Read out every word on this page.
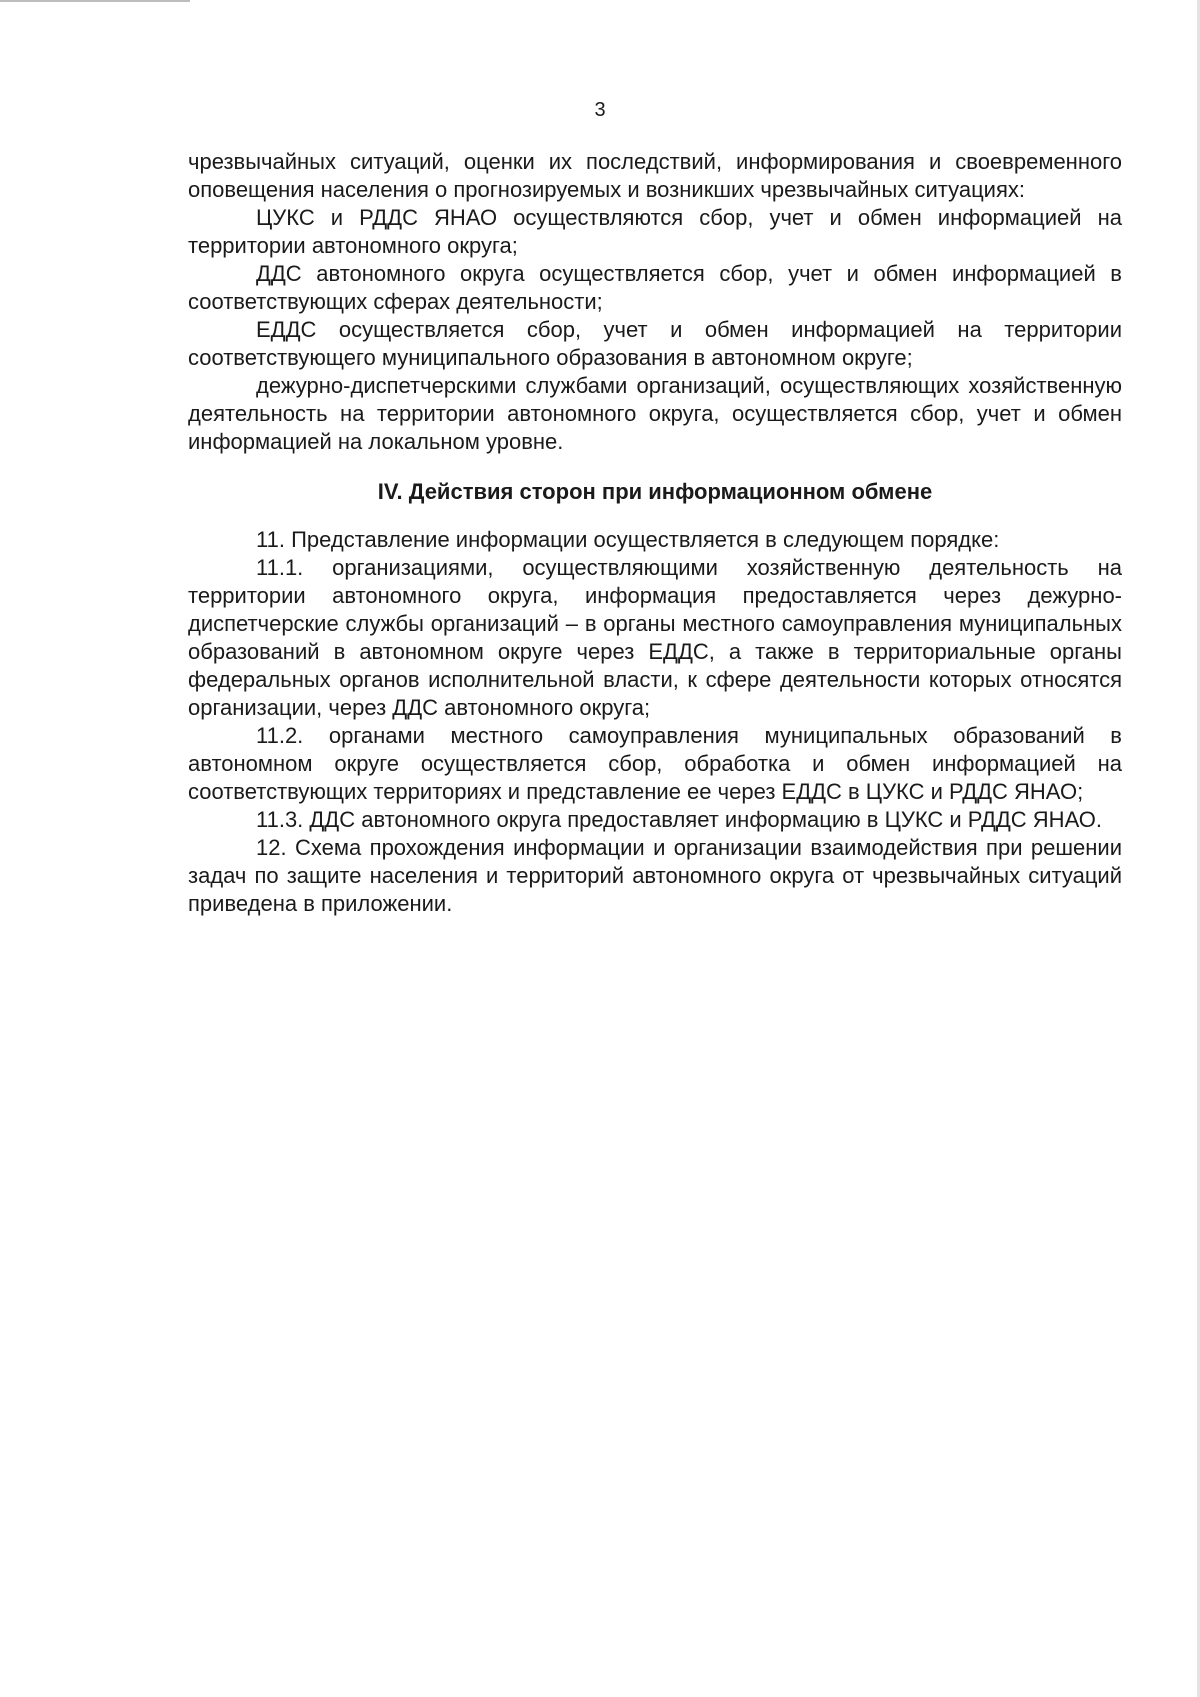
3

чрезвычайных ситуаций, оценки их последствий, информирования и своевременного оповещения населения о прогнозируемых и возникших чрезвычайных ситуациях:

ЦУКС и РДДС ЯНАО осуществляются сбор, учет и обмен информацией на территории автономного округа;

ДДС автономного округа осуществляется сбор, учет и обмен информацией в соответствующих сферах деятельности;

ЕДДС осуществляется сбор, учет и обмен информацией на территории соответствующего муниципального образования в автономном округе;

дежурно-диспетчерскими службами организаций, осуществляющих хозяйственную деятельность на территории автономного округа, осуществляется сбор, учет и обмен информацией на локальном уровне.

IV. Действия сторон при информационном обмене

11. Представление информации осуществляется в следующем порядке:

11.1. организациями, осуществляющими хозяйственную деятельность на территории автономного округа, информация предоставляется через дежурно-диспетчерские службы организаций – в органы местного самоуправления муниципальных образований в автономном округе через ЕДДС, а также в территориальные органы федеральных органов исполнительной власти, к сфере деятельности которых относятся организации, через ДДС автономного округа;

11.2. органами местного самоуправления муниципальных образований в автономном округе осуществляется сбор, обработка и обмен информацией на соответствующих территориях и представление ее через ЕДДС в ЦУКС и РДДС ЯНАО;

11.3. ДДС автономного округа предоставляет информацию в ЦУКС и РДДС ЯНАО.

12. Схема прохождения информации и организации взаимодействия при решении задач по защите населения и территорий автономного округа от чрезвычайных ситуаций приведена в приложении.
